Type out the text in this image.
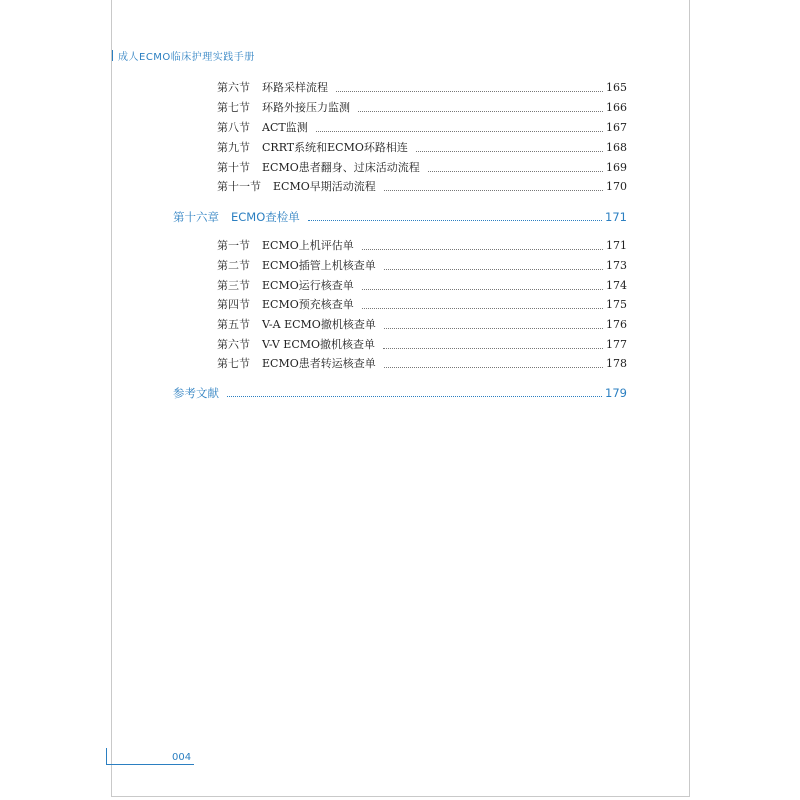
成人ECMO临床护理实践手册
第六节 环路采样流程	165
第七节 环路外接压力监测	166
第八节 ACT监测	167
第九节 CRRT系统和ECMO环路相连	168
第十节 ECMO患者翻身、过床活动流程	169
第十一节 ECMO早期活动流程	170
第十六章 ECMO查检单	171
第一节 ECMO上机评估单	171
第二节 ECMO插管上机核查单	173
第三节 ECMO运行核查单	174
第四节 ECMO预充核查单	175
第五节 V-A ECMO撤机核查单	176
第六节 V-V ECMO撤机核查单	177
第七节 ECMO患者转运核查单	178
参考文献	179
004
